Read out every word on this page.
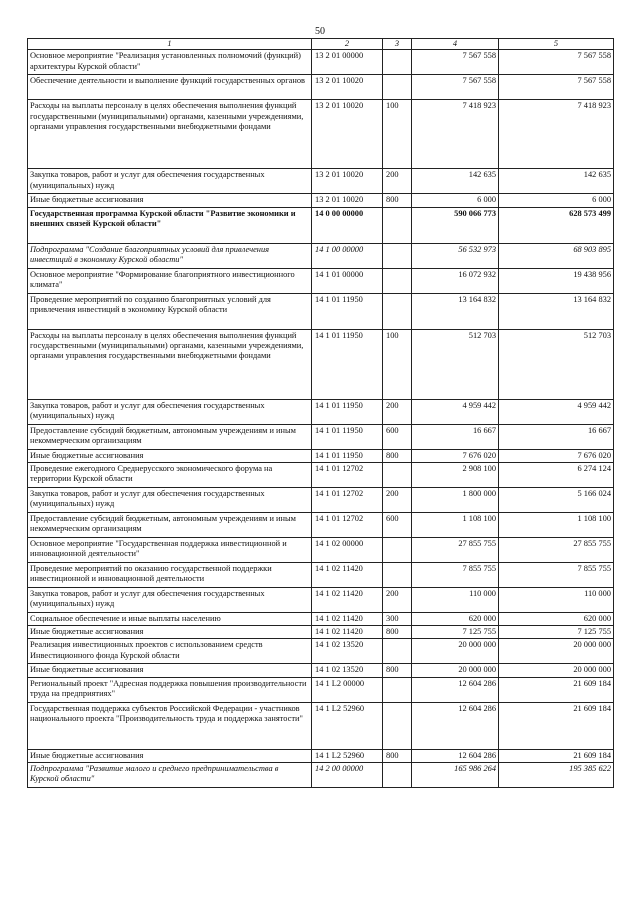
50
1	2	3	4	5
Основное мероприятие "Реализация установленных полномочий (функций) архитектуры Курской области"	13 2 01 00000		7 567 558	7 567 558
Обеспечение деятельности и выполнение функций государственных органов	13 2 01 10020		7 567 558	7 567 558
Расходы на выплаты персоналу в целях обеспечения выполнения функций государственными (муниципальными) органами, казенными учреждениями, органами управления государственными внебюджетными фондами	13 2 01 10020	100	7 418 923	7 418 923
Закупка товаров, работ и услуг для обеспечения государственных (муниципальных) нужд	13 2 01 10020	200	142 635	142 635
Иные бюджетные ассигнования	13 2 01 10020	800	6 000	6 000
Государственная программа Курской области "Развитие экономики и внешних связей Курской области"	14 0 00 00000		590 066 773	628 573 499
Подпрограмма "Создание благоприятных условий для привлечения инвестиций в экономику Курской области"	14 1 00 00000		56 532 973	68 903 895
Основное мероприятие "Формирование благоприятного инвестиционного климата"	14 1 01 00000		16 072 932	19 438 956
Проведение мероприятий по созданию благоприятных условий для привлечения инвестиций в экономику Курской области	14 1 01 11950		13 164 832	13 164 832
Расходы на выплаты персоналу в целях обеспечения выполнения функций государственными (муниципальными) органами, казенными учреждениями, органами управления государственными внебюджетными фондами	14 1 01 11950	100	512 703	512 703
Закупка товаров, работ и услуг для обеспечения государственных (муниципальных) нужд	14 1 01 11950	200	4 959 442	4 959 442
Предоставление субсидий бюджетным, автономным учреждениям и иным некоммерческим организациям	14 1 01 11950	600	16 667	16 667
Иные бюджетные ассигнования	14 1 01 11950	800	7 676 020	7 676 020
Проведение ежегодного Среднерусского экономического форума на территории Курской области	14 1 01 12702		2 908 100	6 274 124
Закупка товаров, работ и услуг для обеспечения государственных (муниципальных) нужд	14 1 01 12702	200	1 800 000	5 166 024
Предоставление субсидий бюджетным, автономным учреждениям и иным некоммерческим организациям	14 1 01 12702	600	1 108 100	1 108 100
Основное мероприятие "Государственная поддержка инвестиционной и инновационной деятельности"	14 1 02 00000		27 855 755	27 855 755
Проведение мероприятий по оказанию государственной поддержки инвестиционной и инновационной деятельности	14 1 02 11420		7 855 755	7 855 755
Закупка товаров, работ и услуг для обеспечения государственных (муниципальных) нужд	14 1 02 11420	200	110 000	110 000
Социальное обеспечение и иные выплаты населению	14 1 02 11420	300	620 000	620 000
Иные бюджетные ассигнования	14 1 02 11420	800	7 125 755	7 125 755
Реализация инвестиционных проектов с использованием средств Инвестиционного фонда Курской области	14 1 02 13520		20 000 000	20 000 000
Иные бюджетные ассигнования	14 1 02 13520	800	20 000 000	20 000 000
Региональный проект "Адресная поддержка повышения производительности труда на предприятиях"	14 1 L2 00000		12 604 286	21 609 184
Государственная поддержка субъектов Российской Федерации - участников национального проекта "Производительность труда и поддержка занятости"	14 1 L2 52960		12 604 286	21 609 184
Иные бюджетные ассигнования	14 1 L2 52960	800	12 604 286	21 609 184
Подпрограмма "Развитие малого и среднего предпринимательства в Курской области"	14 2 00 00000		165 986 264	195 385 622
